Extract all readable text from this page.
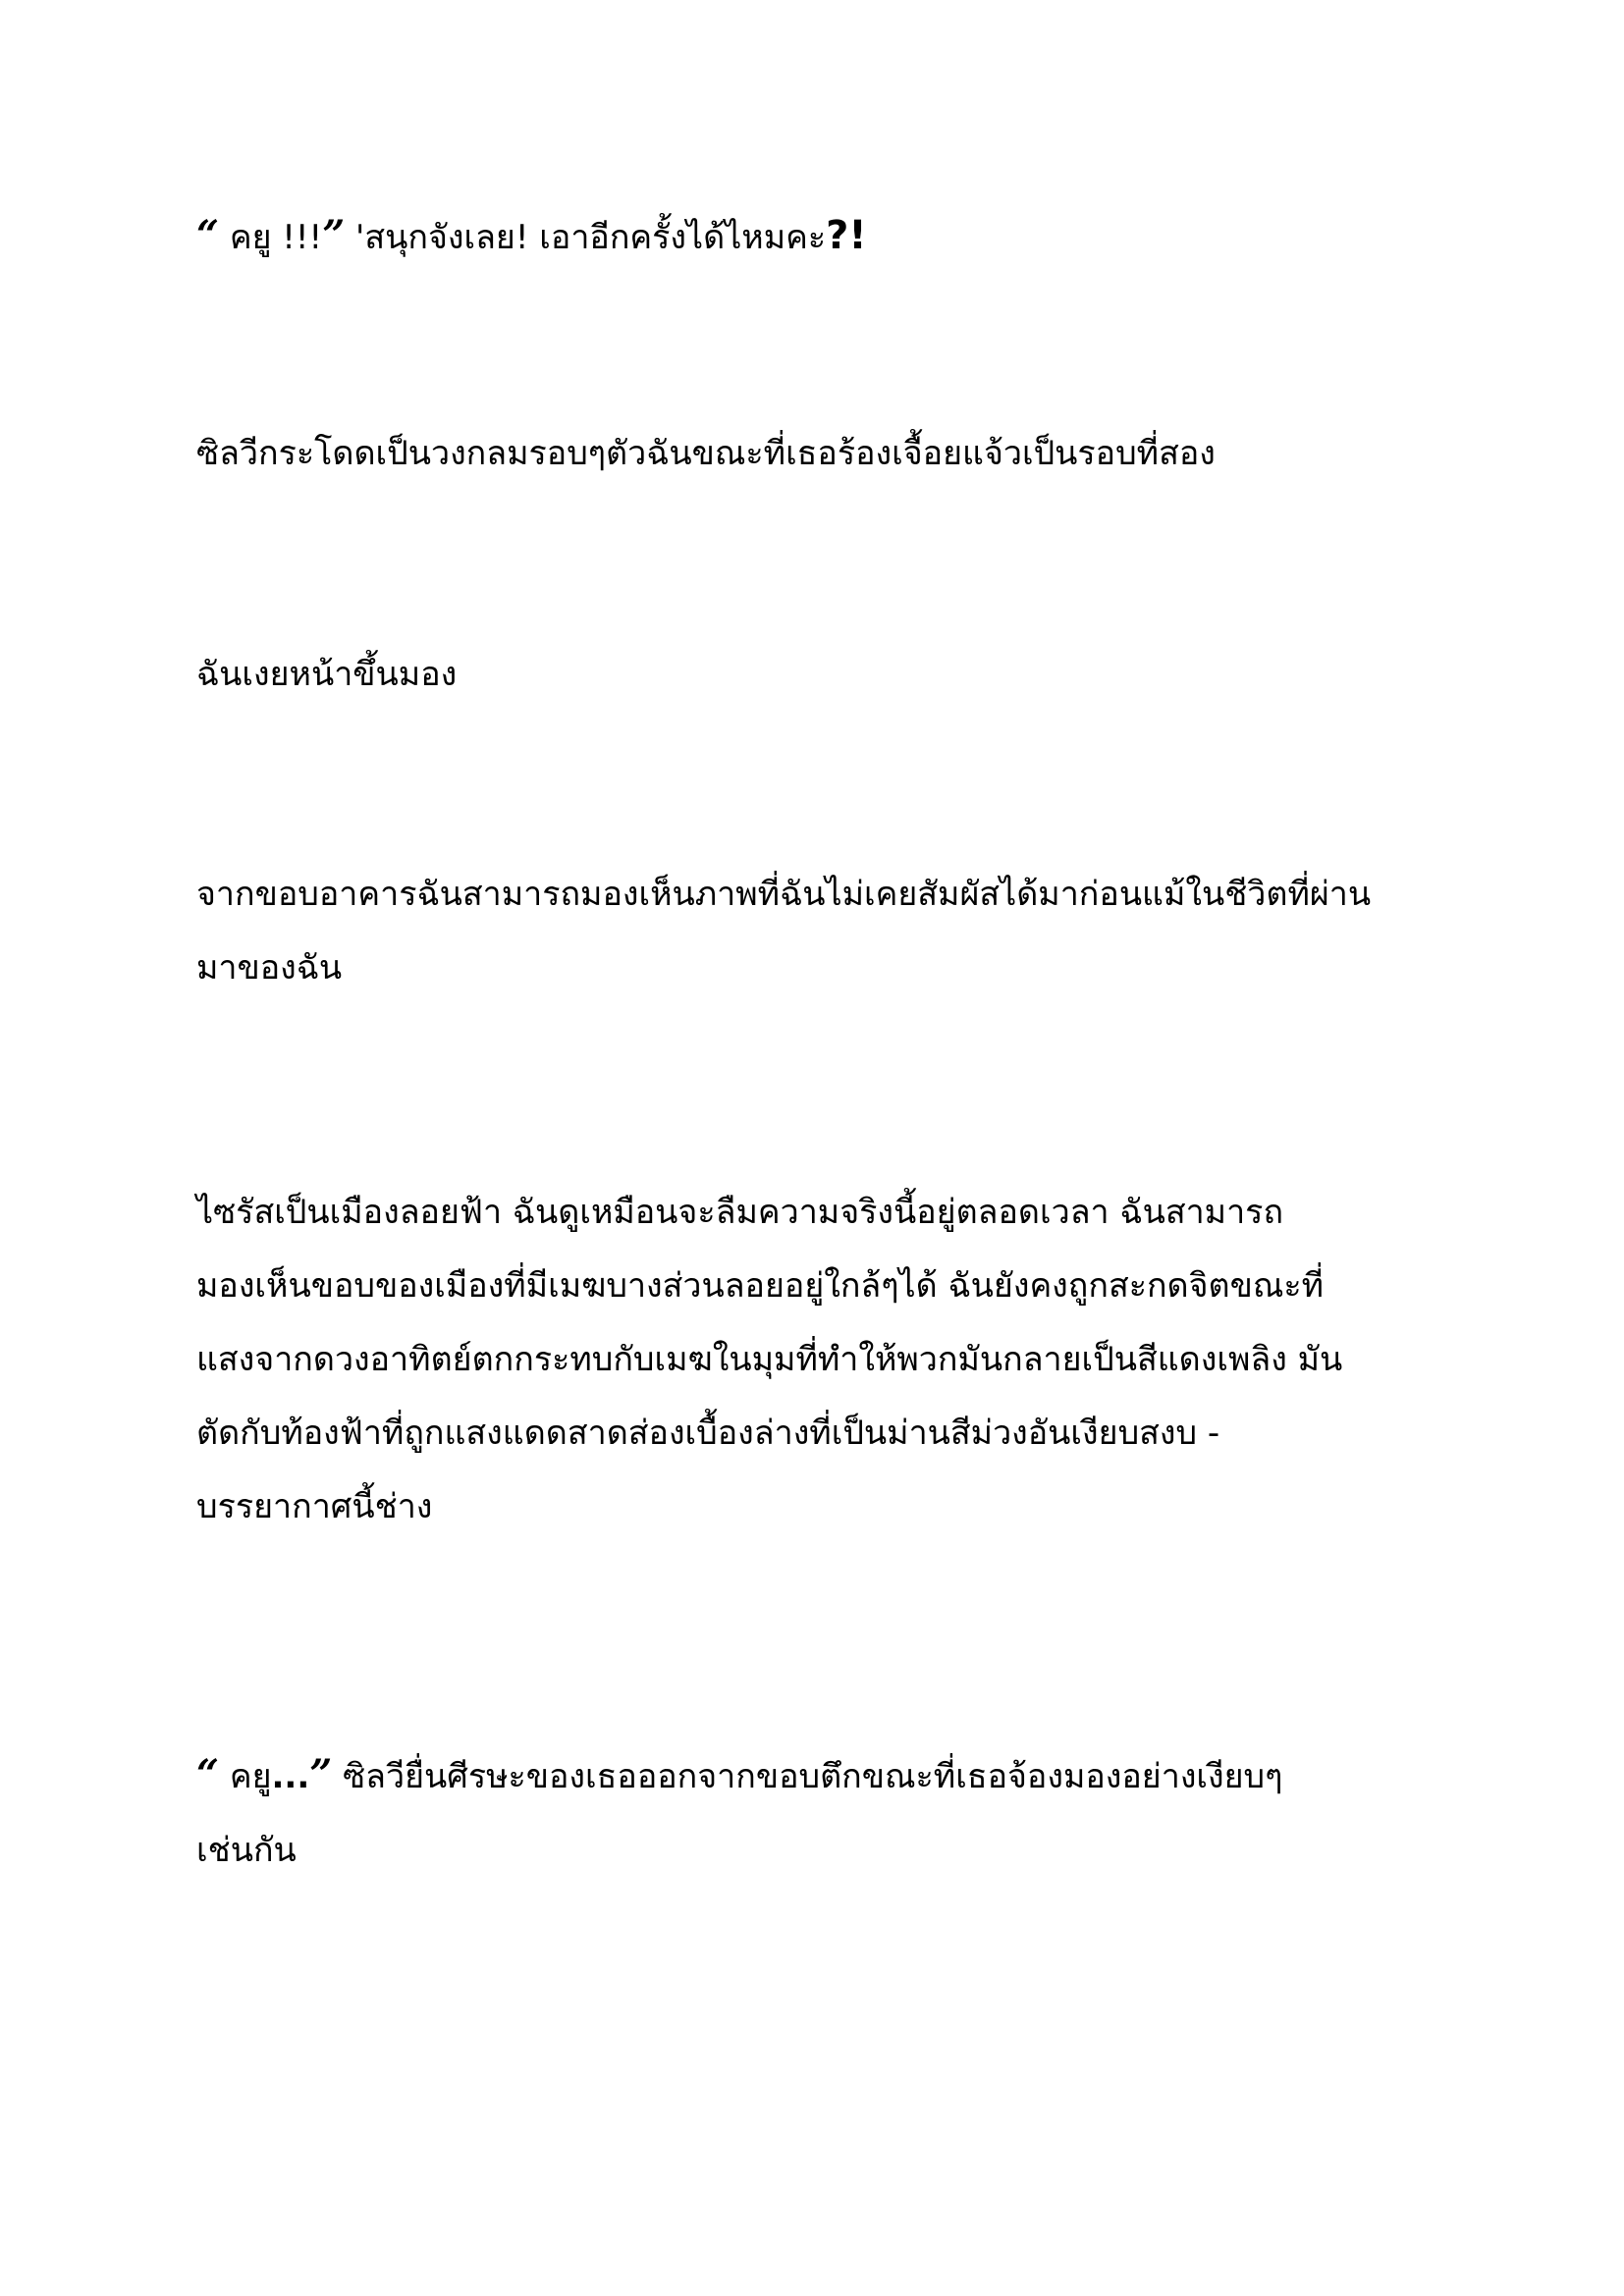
“ คยู !!!” 'สนุกจังเลย! เอาอีกครั้งได้ไหมคะ?!

ซิลวีกระโดดเป็นวงกลมรอบๆตัวฉันขณะที่เธอร้องเจื้อยแจ้วเป็นรอบที่สอง

ฉันเงยหน้าขึ้นมอง

จากขอบอาคารฉันสามารถมองเห็นภาพที่ฉันไม่เคยสัมผัสได้มาก่อนแม้ในชีวิตที่ผ่าน
มาของฉัน

ไซรัสเป็นเมืองลอยฟ้า ฉันดูเหมือนจะลืมความจริงนี้อยู่ตลอดเวลา ฉันสามารถ
มองเห็นขอบของเมืองที่มีเมฆบางส่วนลอยอยู่ใกล้ๆได้ ฉันยังคงถูกสะกดจิตขณะที่
แสงจากดวงอาทิตย์ตกกระทบกับเมฆในมุมที่ทำให้พวกมันกลายเป็นสีแดงเพลิง มัน
ตัดกับท้องฟ้าที่ถูกแสงแดดสาดส่องเบื้องล่างที่เป็นม่านสีม่วงอันเงียบสงบ -
บรรยากาศนี้ช่าง

“ คยู...” ซิลวียื่นศีรษะของเธอออกจากขอบตึกขณะที่เธอจ้องมองอย่างเงียบๆ
เช่นกัน
